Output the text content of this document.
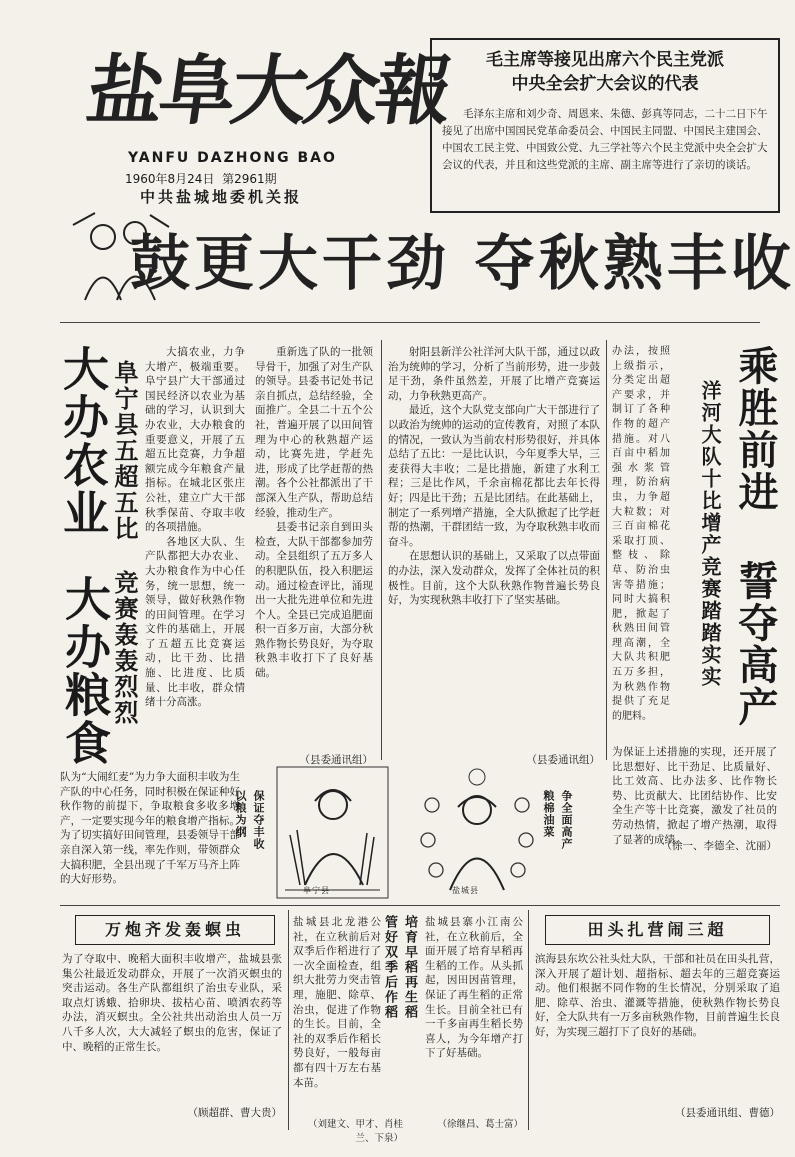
盐阜大众報
YANFU DAZHONG BAO
1960年8月24日 第2961期
中共盐城地委机关报
毛主席等接见出席六个民主党派
中央全会扩大会议的代表
毛泽东主席和刘少奇、周恩来、朱德、彭真等同志，二十二日下午接见了出席中国国民党革命委员会、中国民主同盟、中国民主建国会、中国农工民主党、中国致公党、九三学社等六个民主党派中央全会扩大会议的代表，并且和这些党派的主席、副主席等进行了亲切的谈话。
鼓更大干劲 夺秋熟丰收
大办农业
大办粮食
阜宁县五超五比
竞赛轰轰烈烈

大搞农业，力争大增产，极端重要。阜宁县广大干部通过国民经济以农业为基础的学习，认识到大办农业，大办粮食的重要意义，开展了五超五比竞赛，力争超额完成今年粮食产量指标。在城北区张庄公社，建立广大干部秋季保苗、夺取丰收的各项措施。

各地区大队、生产队都把大办农业、大办粮食作为中心任务，统一思想，统一领导，做好秋熟作物的田间管理。在学习文件的基础上，开展了五超五比竞赛运动，比干劲、比措施、比进度、比质量、比丰收，群众情绪十分高涨。

队为“大闹红麦”为力争大面积丰收为生产队的中心任务，同时积极在保证种好秋作物的前提下，争取粮食多收多增产，一定要实现今年的粮食增产指标。为了切实搞好田间管理，县委领导干部亲自深入第一线，率先作则，带领群众大搞积肥，全县出现了千军万马齐上阵的大好形势。

重新选了队的一批领导骨干，加强了对生产队的领导。县委书记处书记亲自抓点，总结经验，全面推广。全县二十五个公社，普遍开展了以田间管理为中心的秋熟超产运动，比赛先进，学赶先进，形成了比学赶帮的热潮。各个公社都派出了干部深入生产队，帮助总结经验，推动生产。

县委书记亲自到田头检查，大队干部都参加劳动。全县组织了五万多人的积肥队伍，投入积肥运动。通过检查评比，涌现出一大批先进单位和先进个人。全县已完成追肥面积一百多万亩，大部分秋熟作物长势良好，为夺取秋熟丰收打下了良好基础。

（县委通讯组）

射阳县新洋公社洋河大队干部，通过以政治为统帅的学习，分析了当前形势，进一步鼓足干劲，条件虽然差，开展了比增产竞赛运动，力争秋熟更高产。

最近，这个大队党支部向广大干部进行了以政治为统帅的运动的宣传教育，对照了本队的情况，一致认为当前农村形势很好，并具体总结了五比：一是比认识，今年夏季大旱，三麦获得大丰收；二是比措施，新建了水利工程；三是比作风，千余亩棉花都比去年长得好；四是比干劲；五是比团结。在此基础上，制定了一系列增产措施，全大队掀起了比学赶帮的热潮，干群团结一致，为夺取秋熟丰收而奋斗。

在思想认识的基础上，又采取了以点带面的办法，深入发动群众，发挥了全体社员的积极性。目前，这个大队秋熟作物普遍长势良好，为实现秋熟丰收打下了坚实基础。

（县委通讯组）
办法，按照上级指示，分类定出超产要求，并制订了各种作物的超产措施。对八百亩中稻加强水浆管理，防治病虫，力争超大粒数；对三百亩棉花采取打顶、整枝、除草、防治虫害等措施；同时大搞积肥，掀起了秋熟田间管理高潮，全大队共积肥五万多担，为秋熟作物提供了充足的肥料。
乘胜前进
誓夺高产
洋河大队十比增产竞赛踏踏实实
为保证上述措施的实现，还开展了比思想好、比干劲足、比质量好、比工效高、比办法多、比作物长势、比贡献大、比团结协作、比安全生产等十比竞赛，激发了社员的劳动热情，掀起了增产热潮，取得了显著的成绩。
（徐一、李德全、沈丽）
以粮为纲 保证夺丰收
阜宁县	盐城县
粮棉油菜 争全面高产
万炮齐发轰螟虫
为了夺取中、晚稻大面积丰收增产，盐城县张集公社最近发动群众，开展了一次消灭螟虫的突击运动。各生产队都组织了治虫专业队，采取点灯诱蛾、拾卵块、拔枯心苗、喷洒农药等办法，消灭螟虫。全公社共出动治虫人员一万八千多人次，大大减轻了螟虫的危害，保证了中、晚稻的正常生长。
（顾超群、曹大贵）
盐城县北龙港公社，在立秋前后对双季后作稻进行了一次全面检查，组织大批劳力突击管理，施肥、除草、治虫，促进了作物的生长。目前，全社的双季后作稻长势良好，一般每亩都有四十万左右基本苗。
管好双季后作稻
（刘建文、甲才、肖桂兰、下泉）
培育早稻再生稻 盐城县寨小江南公社，在立秋前后，全面开展了培育早稻再生稻的工作。从头抓起，因田因苗管理，保证了再生稻的正常生长。目前全社已有一千多亩再生稻长势喜人，为今年增产打下了好基础。
（徐继昌、葛士富）
田头扎营闹三超
滨海县东坎公社头灶大队，干部和社员在田头扎营，深入开展了超计划、超指标、超去年的三超竞赛运动。他们根据不同作物的生长情况，分别采取了追肥、除草、治虫、灌溉等措施，使秋熟作物长势良好，全大队共有一万多亩秋熟作物，目前普遍生长良好，为实现三超打下了良好的基础。
（县委通讯组、曹德）
